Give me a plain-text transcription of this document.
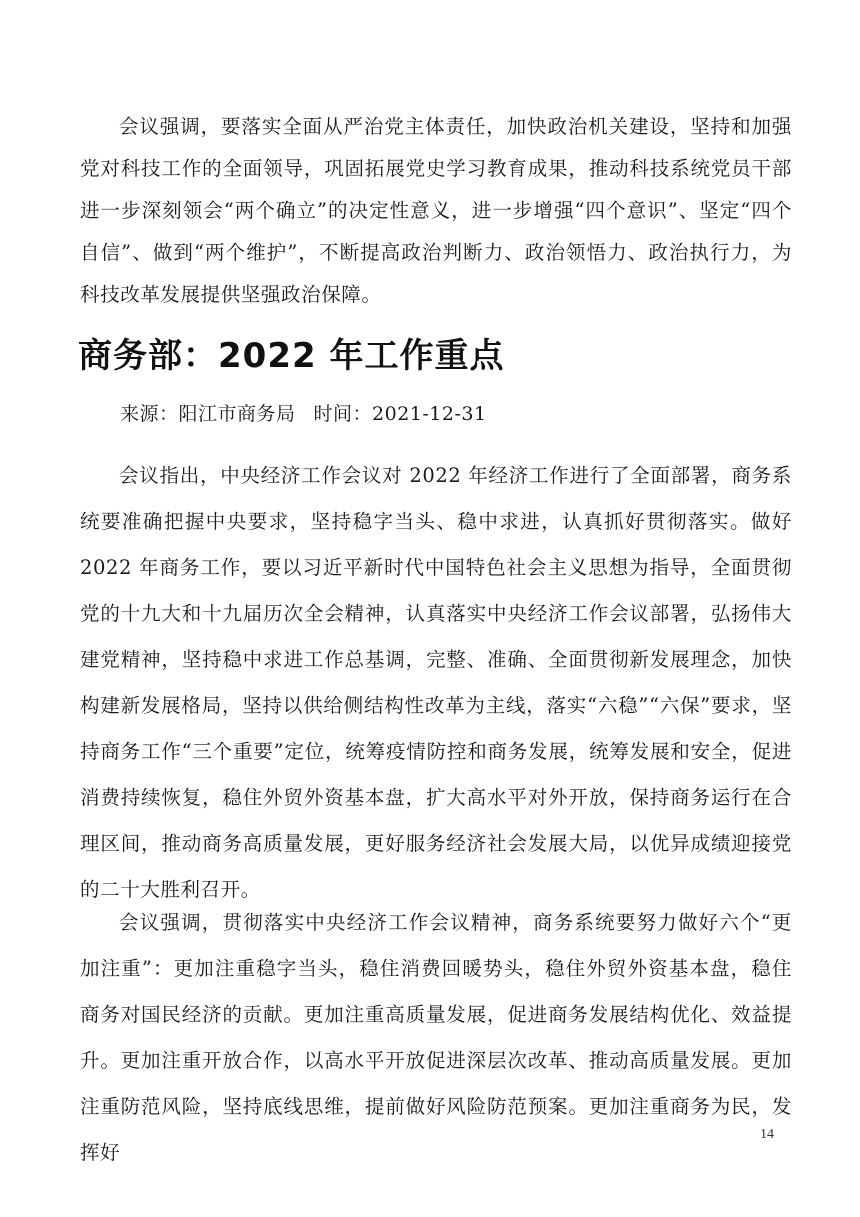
会议强调，要落实全面从严治党主体责任，加快政治机关建设，坚持和加强党对科技工作的全面领导，巩固拓展党史学习教育成果，推动科技系统党员干部进一步深刻领会“两个确立”的决定性意义，进一步增强“四个意识”、坚定“四个自信”、做到“两个维护”，不断提高政治判断力、政治领悟力、政治执行力，为科技改革发展提供坚强政治保障。

商务部：2022 年工作重点

来源：阳江市商务局 时间：2021-12-31

会议指出，中央经济工作会议对 2022 年经济工作进行了全面部署，商务系统要准确把握中央要求，坚持稳字当头、稳中求进，认真抓好贯彻落实。做好 2022 年商务工作，要以习近平新时代中国特色社会主义思想为指导，全面贯彻党的十九大和十九届历次全会精神，认真落实中央经济工作会议部署，弘扬伟大建党精神，坚持稳中求进工作总基调，完整、准确、全面贯彻新发展理念，加快构建新发展格局，坚持以供给侧结构性改革为主线，落实“六稳”“六保”要求，坚持商务工作“三个重要”定位，统筹疫情防控和商务发展，统筹发展和安全，促进消费持续恢复，稳住外贸外资基本盘，扩大高水平对外开放，保持商务运行在合理区间，推动商务高质量发展，更好服务经济社会发展大局，以优异成绩迎接党的二十大胜利召开。

会议强调，贯彻落实中央经济工作会议精神，商务系统要努力做好六个“更加注重”：更加注重稳字当头，稳住消费回暖势头，稳住外贸外资基本盘，稳住商务对国民经济的贡献。更加注重高质量发展，促进商务发展结构优化、效益提升。更加注重开放合作，以高水平开放促进深层次改革、推动高质量发展。更加注重防范风险，坚持底线思维，提前做好风险防范预案。更加注重商务为民，发挥好

14
